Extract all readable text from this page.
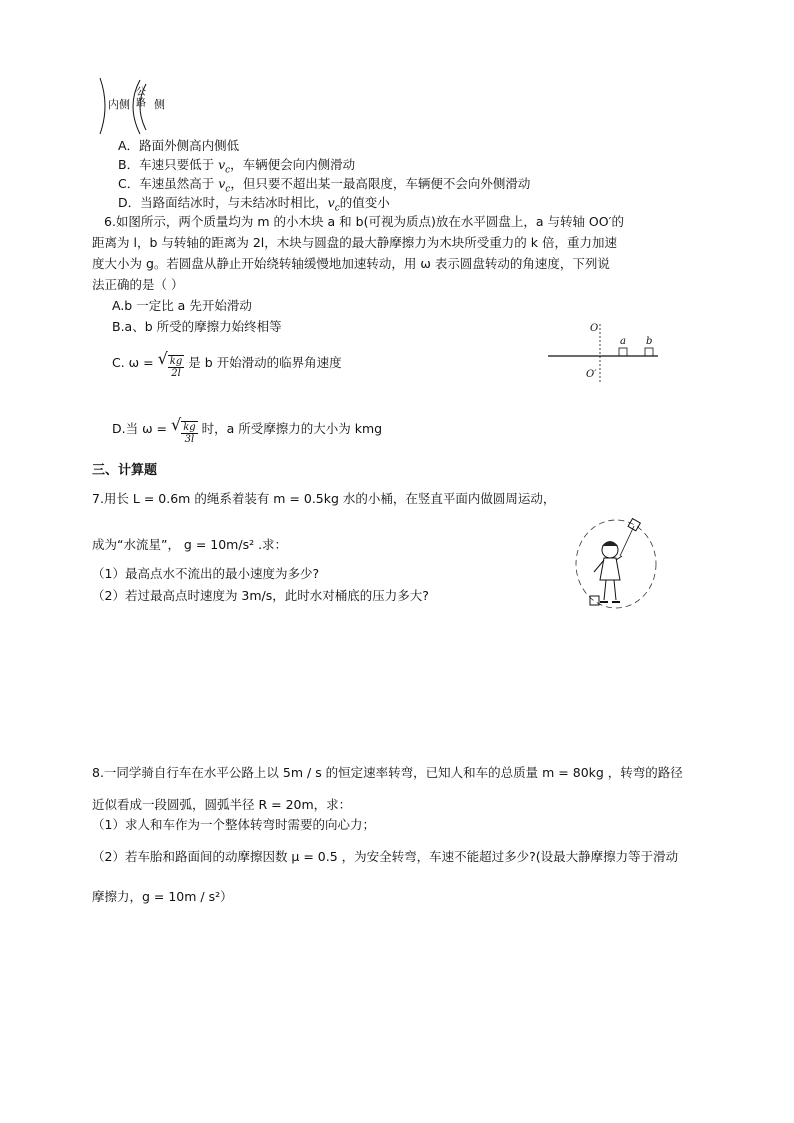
内侧 侧
公路
A．路面外侧高内侧低
B．车速只要低于 $v_c$，车辆便会向内侧滑动
C．车速虽然高于 $v_c$，但只要不超出某一最高限度，车辆便不会向外侧滑动
D．当路面结冰时，与未结冰时相比，$v_c$的值变小
6.如图所示，两个质量均为 m 的小木块 a 和 b(可视为质点)放在水平圆盘上，a 与转轴 OO′的
距离为 l，b 与转轴的距离为 2l，木块与圆盘的最大静摩擦力为木块所受重力的 k 倍，重力加速
度大小为 g。若圆盘从静止开始绕转轴缓慢地加速转动，用 ω 表示圆盘转动的角速度，下列说
法正确的是（ ）
A.b 一定比 a 先开始滑动
B.a、b 所受的摩擦力始终相等
C. ω = √ $\frac{kg}{2l}$ 是 b 开始滑动的临界角速度
D.当 ω = √ $\frac{kg}{3l}$ 时，a 所受摩擦力的大小为 kmg
O
O′
a b
三、计算题
7.用长 L = 0.6m 的绳系着装有 m = 0.5kg 水的小桶，在竖直平面内做圆周运动，
成为“水流星”， g = 10m/s² .求：
（1）最高点水不流出的最小速度为多少?
（2）若过最高点时速度为 3m/s，此时水对桶底的压力多大?
8.一同学骑自行车在水平公路上以 5m / s 的恒定速率转弯，已知人和车的总质量 m = 80kg ，转弯的路径
近似看成一段圆弧，圆弧半径 R = 20m，求：
（1）求人和车作为一个整体转弯时需要的向心力；
（2）若车胎和路面间的动摩擦因数 μ = 0.5 ，为安全转弯，车速不能超过多少?(设最大静摩擦力等于滑动
摩擦力，g = 10m / s²）
